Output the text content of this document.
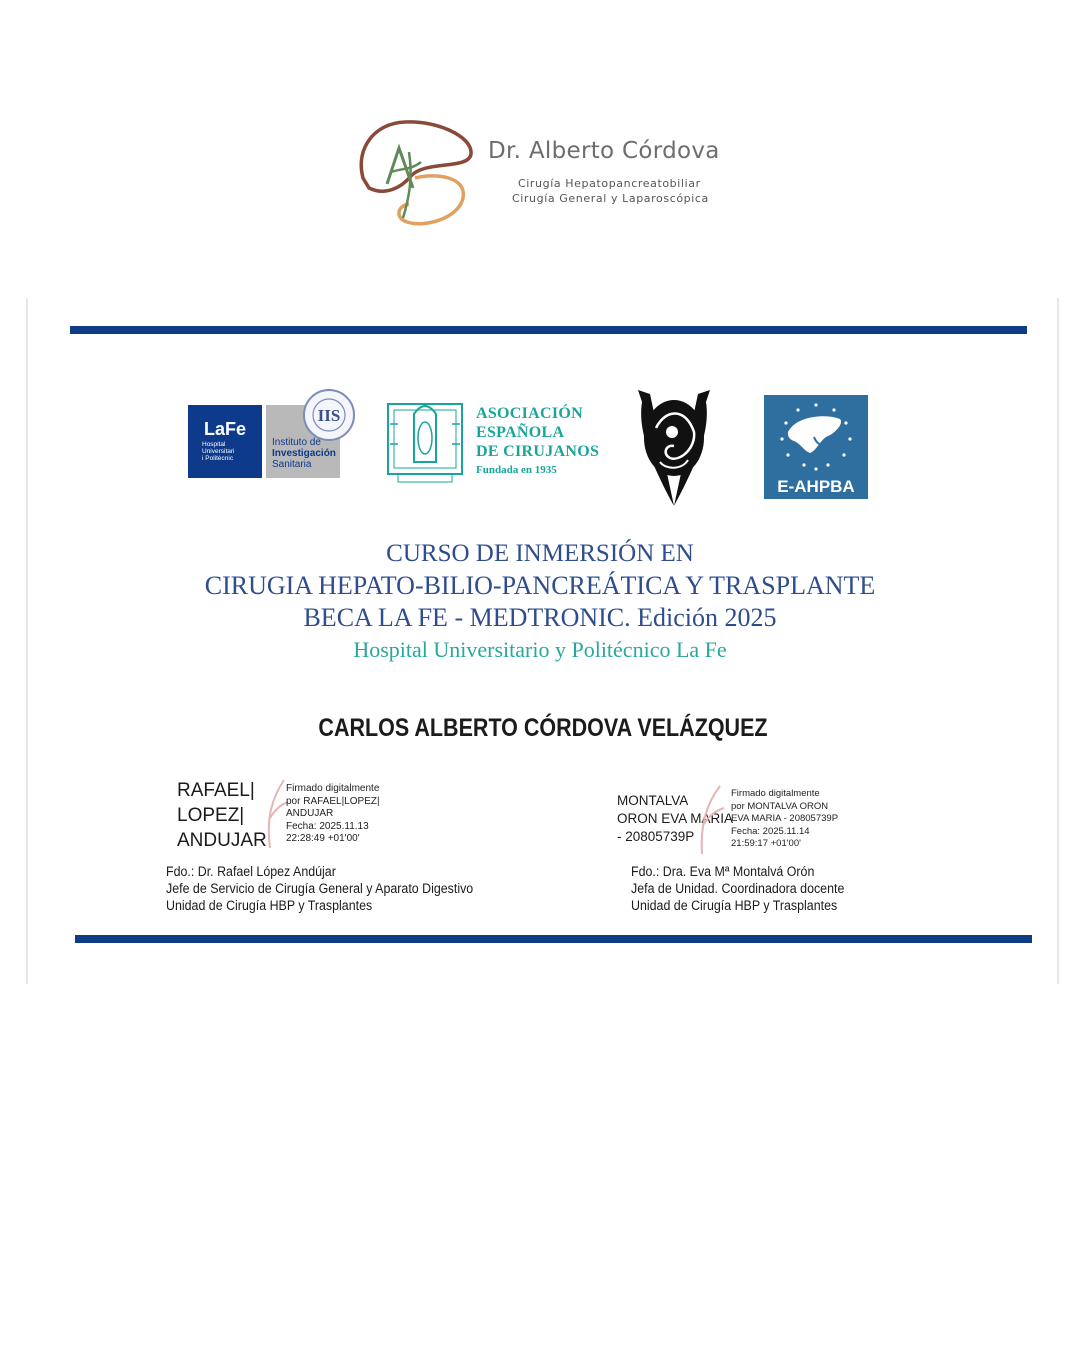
Dr. Alberto Córdova
Cirugía Hepatopancreatobiliar
Cirugía General y Laparoscópica
LaFe
Hospital
Universitari
i Politècnic
IIS
Instituto de
Investigación
Sanitaria
ASOCIACIÓN
ESPAÑOLA
DE CIRUJANOS
Fundada en 1935
E-AHPBA
CURSO DE INMERSIÓN EN
CIRUGIA HEPATO-BILIO-PANCREÁTICA Y TRASPLANTE
BECA LA FE - MEDTRONIC. Edición 2025
Hospital Universitario y Politécnico La Fe
CARLOS ALBERTO CÓRDOVA VELÁZQUEZ
RAFAEL|
LOPEZ|
ANDUJAR
Firmado digitalmente
por RAFAEL|LOPEZ|
ANDUJAR
Fecha: 2025.11.13
22:28:49 +01'00'
Fdo.: Dr. Rafael López Andújar
Jefe de Servicio de Cirugía General y Aparato Digestivo
Unidad de Cirugía HBP y Trasplantes
MONTALVA
ORON EVA MARIA
- 20805739P
Firmado digitalmente
por MONTALVA ORON
EVA MARIA - 20805739P
Fecha: 2025.11.14
21:59:17 +01'00'
Fdo.: Dra. Eva Mª Montalvá Orón
Jefa de Unidad. Coordinadora docente
Unidad de Cirugía HBP y Trasplantes
